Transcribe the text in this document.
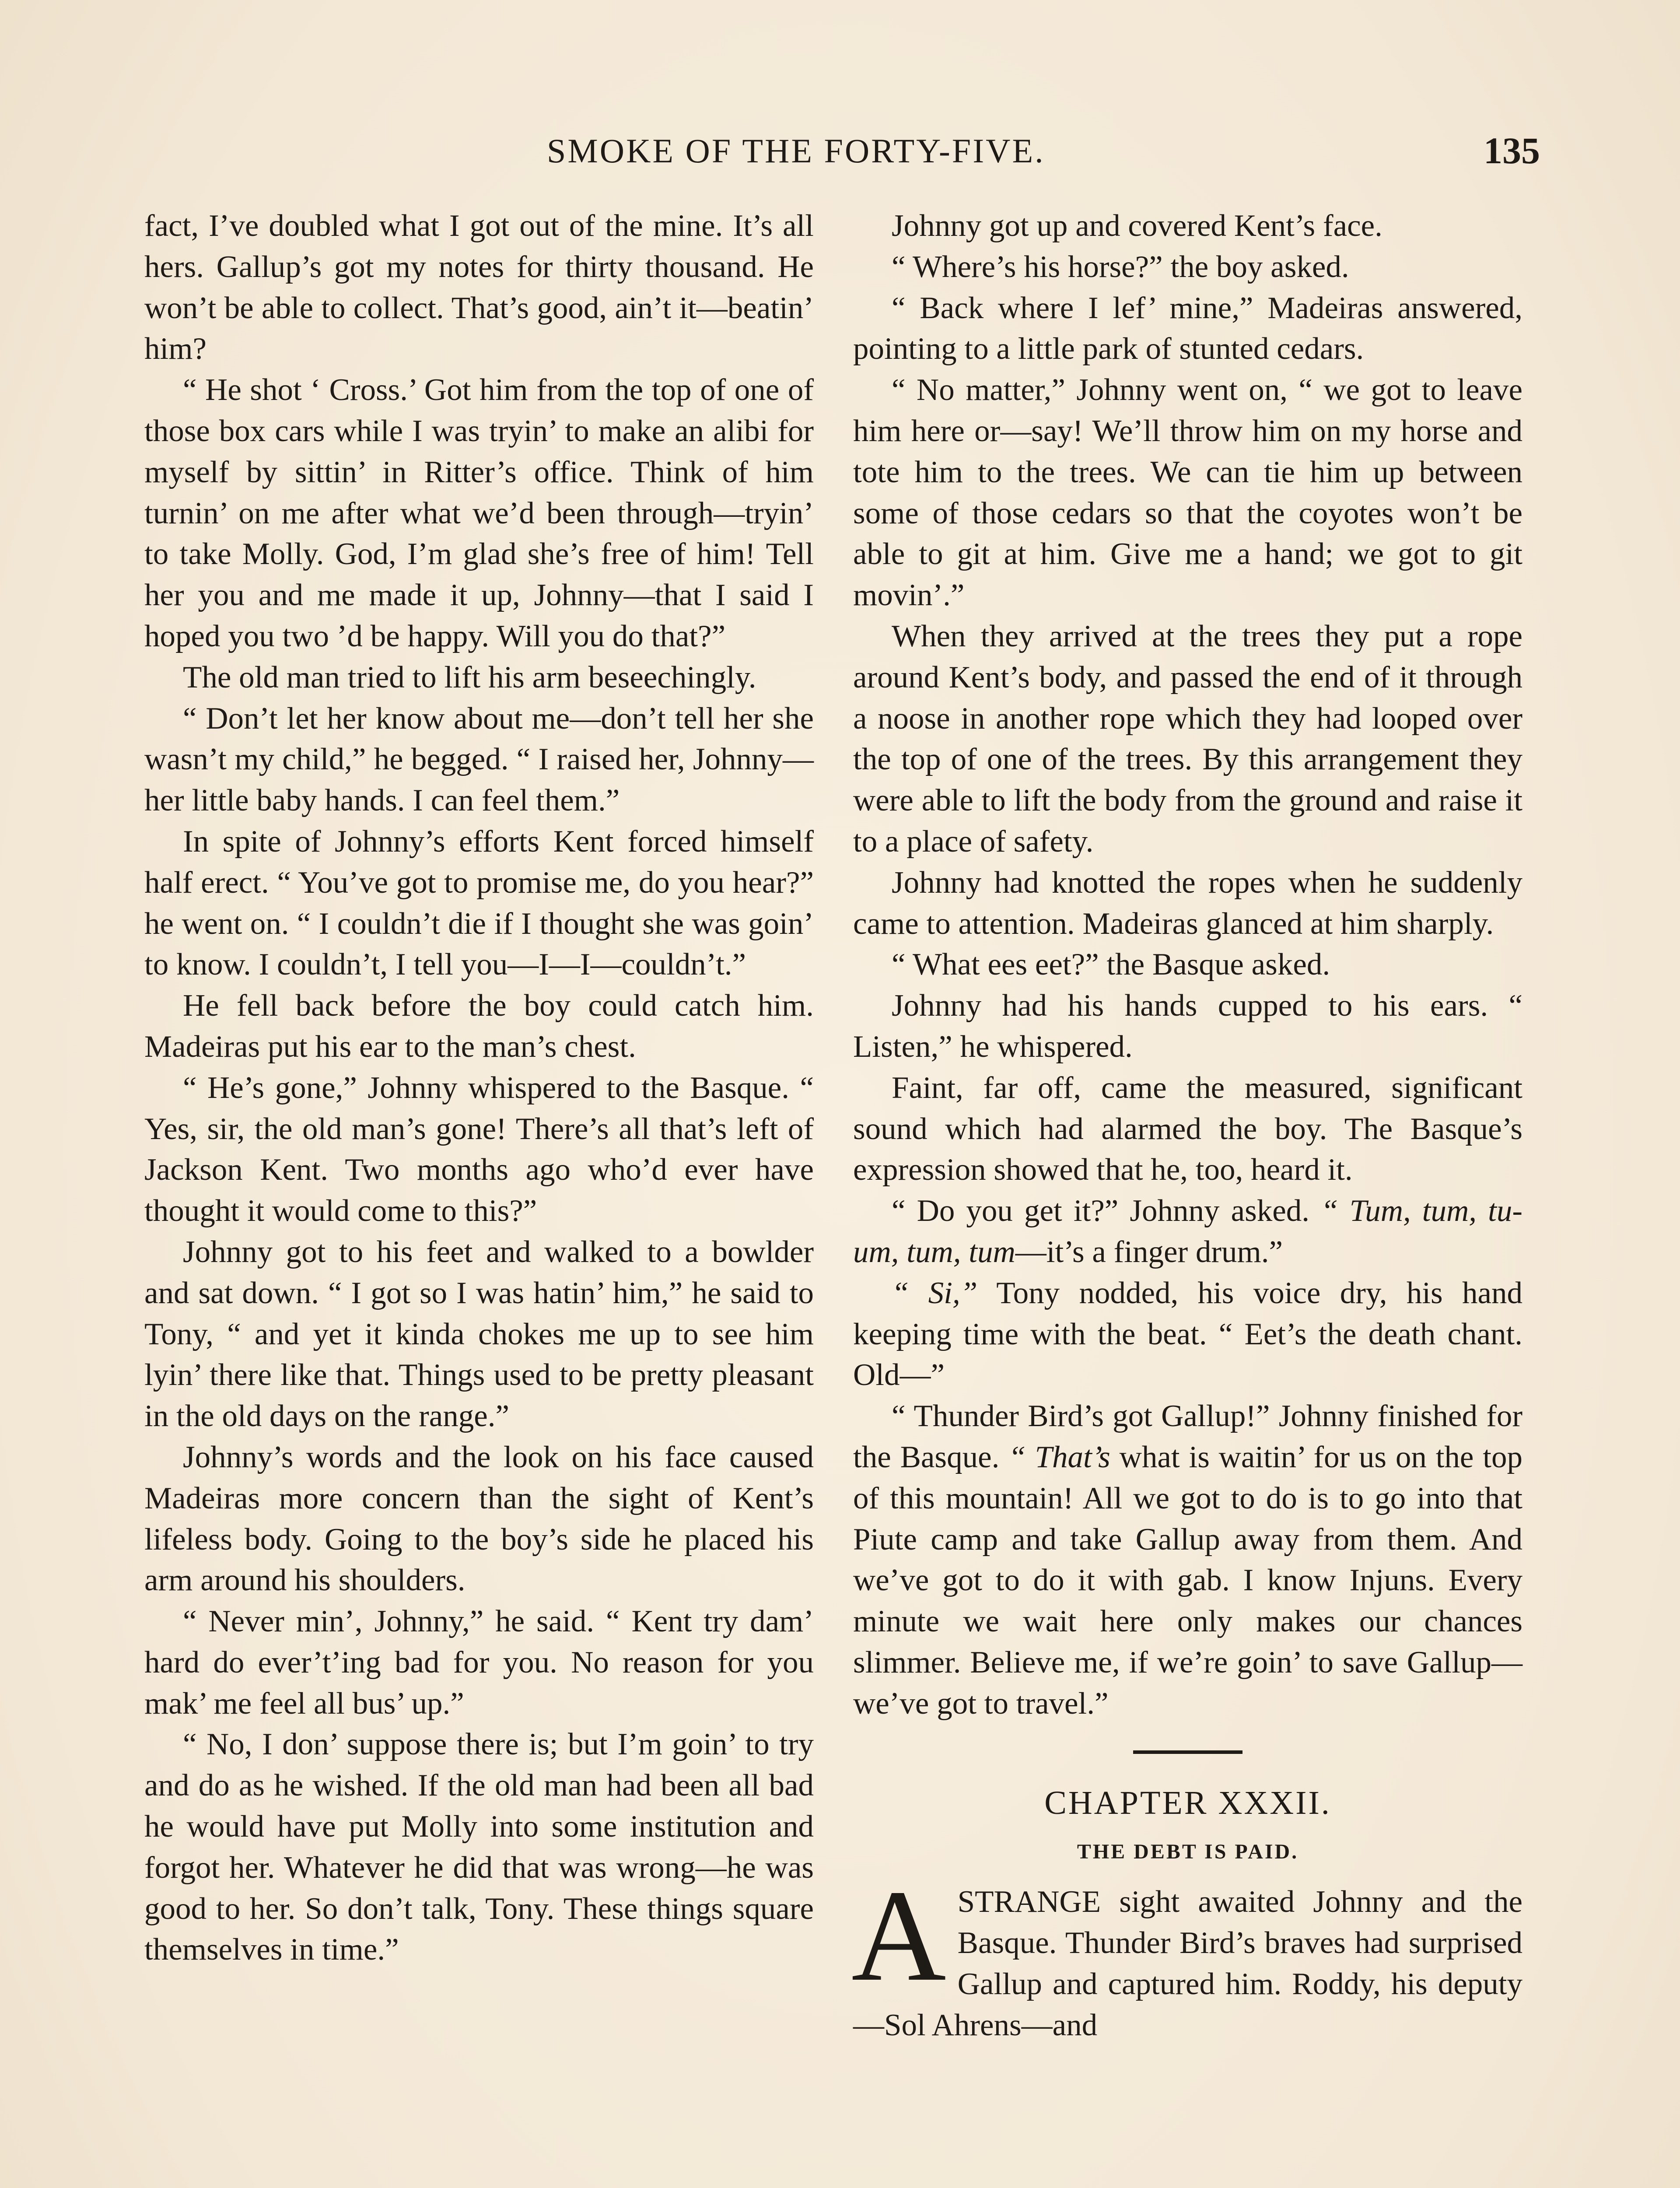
SMOKE OF THE FORTY-FIVE.	135

fact, I’ve doubled what I got out of the mine. It’s all hers. Gallup’s got my notes for thirty thousand. He won’t be able to collect. That’s good, ain’t it—beatin’ him?

“ He shot ‘ Cross.’ Got him from the top of one of those box cars while I was tryin’ to make an alibi for myself by sittin’ in Ritter’s office. Think of him turnin’ on me after what we’d been through—tryin’ to take Molly. God, I’m glad she’s free of him! Tell her you and me made it up, Johnny—that I said I hoped you two ’d be happy. Will you do that?”

The old man tried to lift his arm beseechingly.

“ Don’t let her know about me—don’t tell her she wasn’t my child,” he begged. “ I raised her, Johnny—her little baby hands. I can feel them.”

In spite of Johnny’s efforts Kent forced himself half erect. “ You’ve got to promise me, do you hear?” he went on. “ I couldn’t die if I thought she was goin’ to know. I couldn’t, I tell you—I—I—couldn’t.”

He fell back before the boy could catch him. Madeiras put his ear to the man’s chest.

“ He’s gone,” Johnny whispered to the Basque. “ Yes, sir, the old man’s gone! There’s all that’s left of Jackson Kent. Two months ago who’d ever have thought it would come to this?”

Johnny got to his feet and walked to a bowlder and sat down. “ I got so I was hatin’ him,” he said to Tony, “ and yet it kinda chokes me up to see him lyin’ there like that. Things used to be pretty pleasant in the old days on the range.”

Johnny’s words and the look on his face caused Madeiras more concern than the sight of Kent’s lifeless body. Going to the boy’s side he placed his arm around his shoulders.

“ Never min’, Johnny,” he said. “ Kent try dam’ hard do ever’t’ing bad for you. No reason for you mak’ me feel all bus’ up.”

“ No, I don’ suppose there is; but I’m goin’ to try and do as he wished. If the old man had been all bad he would have put Molly into some institution and forgot her. Whatever he did that was wrong—he was good to her. So don’t talk, Tony. These things square themselves in time.”

Johnny got up and covered Kent’s face.

“ Where’s his horse?” the boy asked.

“ Back where I lef’ mine,” Madeiras answered, pointing to a little park of stunted cedars.

“ No matter,” Johnny went on, “ we got to leave him here or—say! We’ll throw him on my horse and tote him to the trees. We can tie him up between some of those cedars so that the coyotes won’t be able to git at him. Give me a hand; we got to git movin’.”

When they arrived at the trees they put a rope around Kent’s body, and passed the end of it through a noose in another rope which they had looped over the top of one of the trees. By this arrangement they were able to lift the body from the ground and raise it to a place of safety.

Johnny had knotted the ropes when he suddenly came to attention. Madeiras glanced at him sharply.

“ What ees eet?” the Basque asked.

Johnny had his hands cupped to his ears. “ Listen,” he whispered.

Faint, far off, came the measured, significant sound which had alarmed the boy. The Basque’s expression showed that he, too, heard it.

“ Do you get it?” Johnny asked. “ Tum, tum, tu-um, tum, tum—it’s a finger drum.”

“ Si,” Tony nodded, his voice dry, his hand keeping time with the beat. “ Eet’s the death chant. Old—”

“ Thunder Bird’s got Gallup!” Johnny finished for the Basque. “ That’s what is waitin’ for us on the top of this mountain! All we got to do is to go into that Piute camp and take Gallup away from them. And we’ve got to do it with gab. I know Injuns. Every minute we wait here only makes our chances slimmer. Believe me, if we’re goin’ to save Gallup—we’ve got to travel.”

CHAPTER XXXII.
THE DEBT IS PAID.

ASTRANGE sight awaited Johnny and the Basque. Thunder Bird’s braves had surprised Gallup and captured him. Roddy, his deputy—Sol Ahrens—and
